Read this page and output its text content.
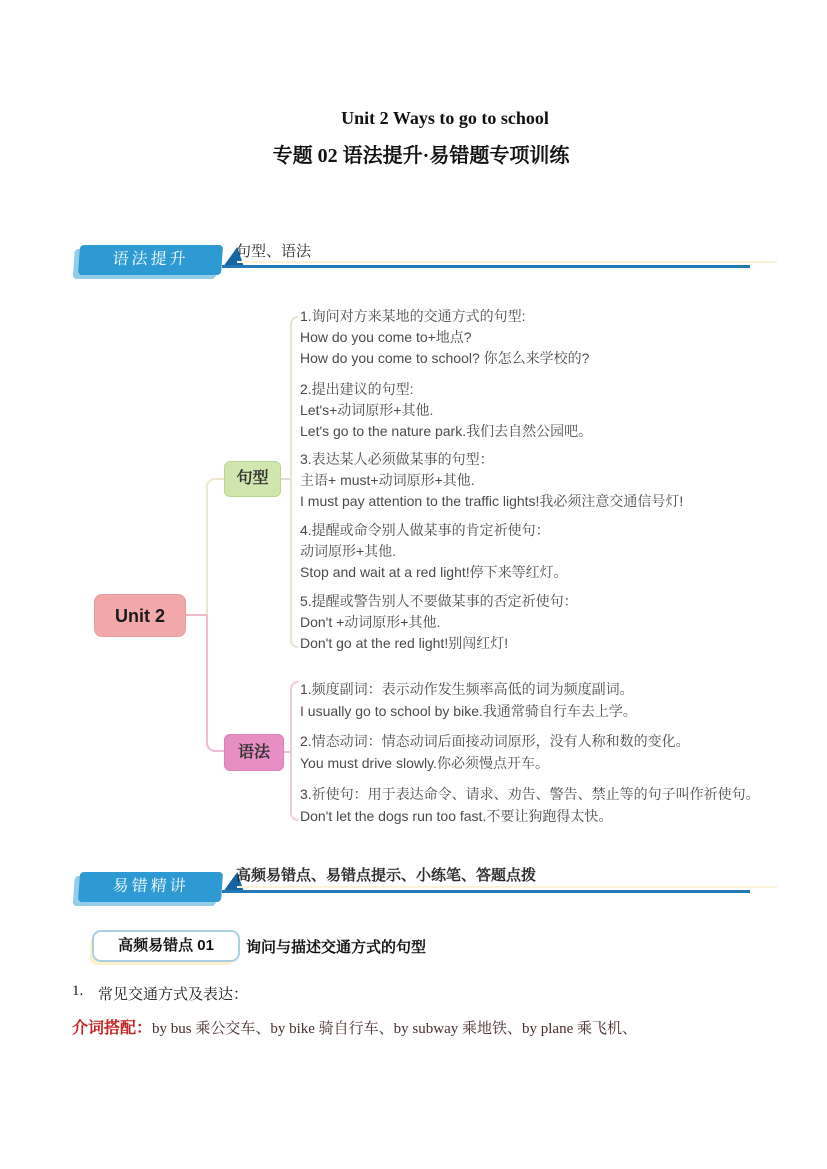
Unit 2 Ways to go to school
专题 02 语法提升·易错题专项训练
语法提升	句型、语法
Unit 2
句型
语法
1.询问对方来某地的交通方式的句型:
How do you come to+地点?
How do you come to school? 你怎么来学校的?
2.提出建议的句型:
Let's+动词原形+其他.
Let's go to the nature park.我们去自然公园吧。
3.表达某人必须做某事的句型：
主语+ must+动词原形+其他.
I must pay attention to the traffic lights!我必须注意交通信号灯!
4.提醒或命令别人做某事的肯定祈使句：
动词原形+其他.
Stop and wait at a red light!停下来等红灯。
5.提醒或警告别人不要做某事的否定祈使句：
Don't +动词原形+其他.
Don't go at the red light!别闯红灯!
1.频度副词：表示动作发生频率高低的词为频度副词。
I usually go to school by bike.我通常骑自行车去上学。
2.情态动词：情态动词后面接动词原形，没有人称和数的变化。
You must drive slowly.你必须慢点开车。
3.祈使句：用于表达命令、请求、劝告、警告、禁止等的句子叫作祈使句。
Don't let the dogs run too fast.不要让狗跑得太快。
易错精讲
高频易错点、易错点提示、小练笔、答题点拨
高频易错点 01	询问与描述交通方式的句型
1. 常见交通方式及表达：
介词搭配：by bus 乘公交车、by bike 骑自行车、by subway 乘地铁、by plane 乘飞机、
